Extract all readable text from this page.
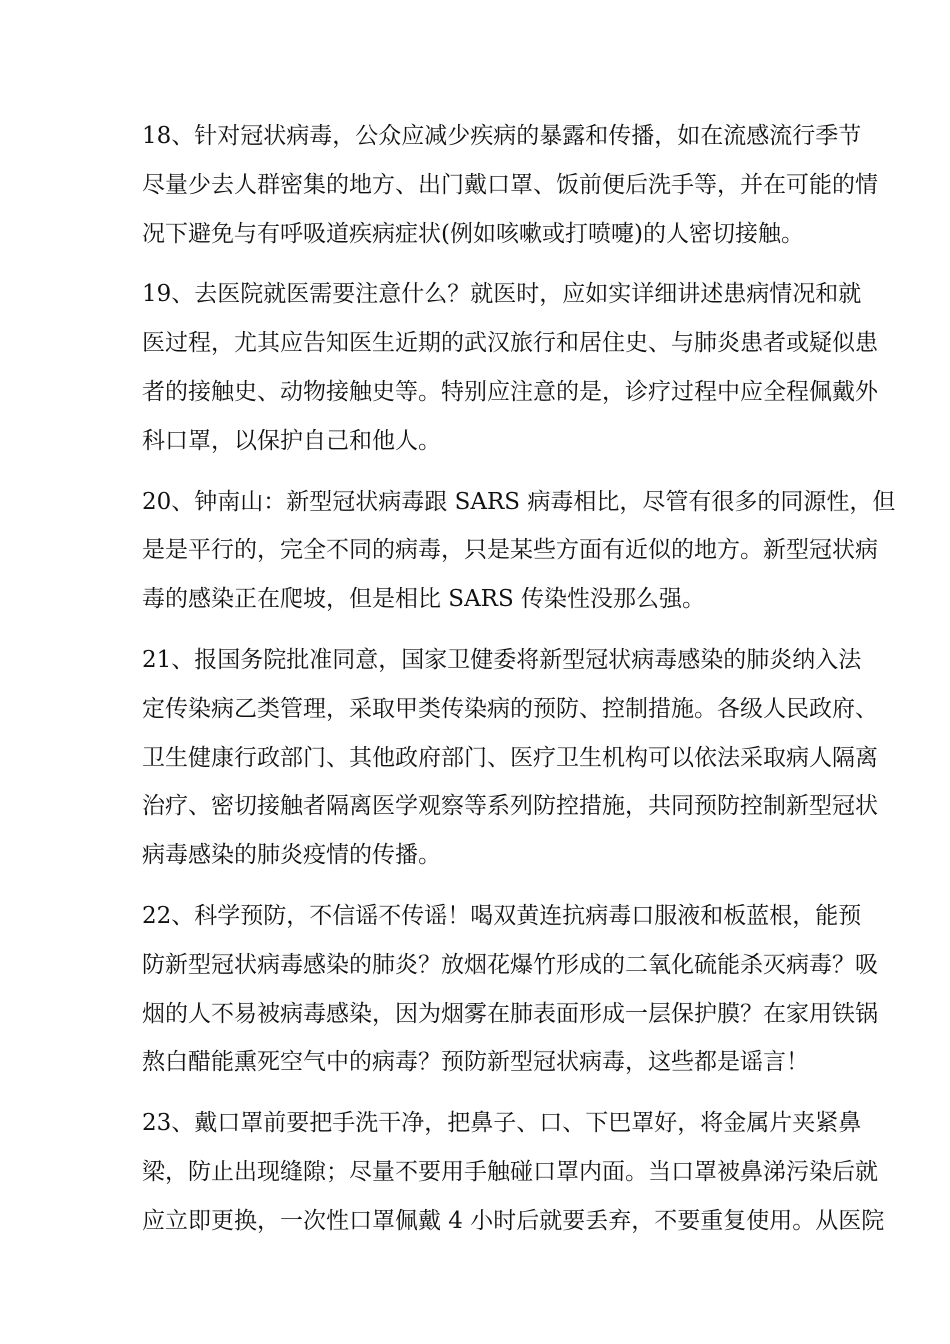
18、针对冠状病毒，公众应减少疾病的暴露和传播，如在流感流行季节
尽量少去人群密集的地方、出门戴口罩、饭前便后洗手等，并在可能的情
况下避免与有呼吸道疾病症状(例如咳嗽或打喷嚏)的人密切接触。
19、去医院就医需要注意什么？就医时，应如实详细讲述患病情况和就
医过程，尤其应告知医生近期的武汉旅行和居住史、与肺炎患者或疑似患
者的接触史、动物接触史等。特别应注意的是，诊疗过程中应全程佩戴外
科口罩，以保护自己和他人。
20、钟南山：新型冠状病毒跟 SARS 病毒相比，尽管有很多的同源性，但
是是平行的，完全不同的病毒，只是某些方面有近似的地方。新型冠状病
毒的感染正在爬坡，但是相比 SARS 传染性没那么强。
21、报国务院批准同意，国家卫健委将新型冠状病毒感染的肺炎纳入法
定传染病乙类管理，采取甲类传染病的预防、控制措施。各级人民政府、
卫生健康行政部门、其他政府部门、医疗卫生机构可以依法采取病人隔离
治疗、密切接触者隔离医学观察等系列防控措施，共同预防控制新型冠状
病毒感染的肺炎疫情的传播。
22、科学预防，不信谣不传谣！喝双黄连抗病毒口服液和板蓝根，能预
防新型冠状病毒感染的肺炎？放烟花爆竹形成的二氧化硫能杀灭病毒？吸
烟的人不易被病毒感染，因为烟雾在肺表面形成一层保护膜？在家用铁锅
熬白醋能熏死空气中的病毒？预防新型冠状病毒，这些都是谣言！
23、戴口罩前要把手洗干净，把鼻子、口、下巴罩好，将金属片夹紧鼻
梁，防止出现缝隙；尽量不要用手触碰口罩内面。当口罩被鼻涕污染后就
应立即更换，一次性口罩佩戴 4 小时后就要丢弃，不要重复使用。从医院
